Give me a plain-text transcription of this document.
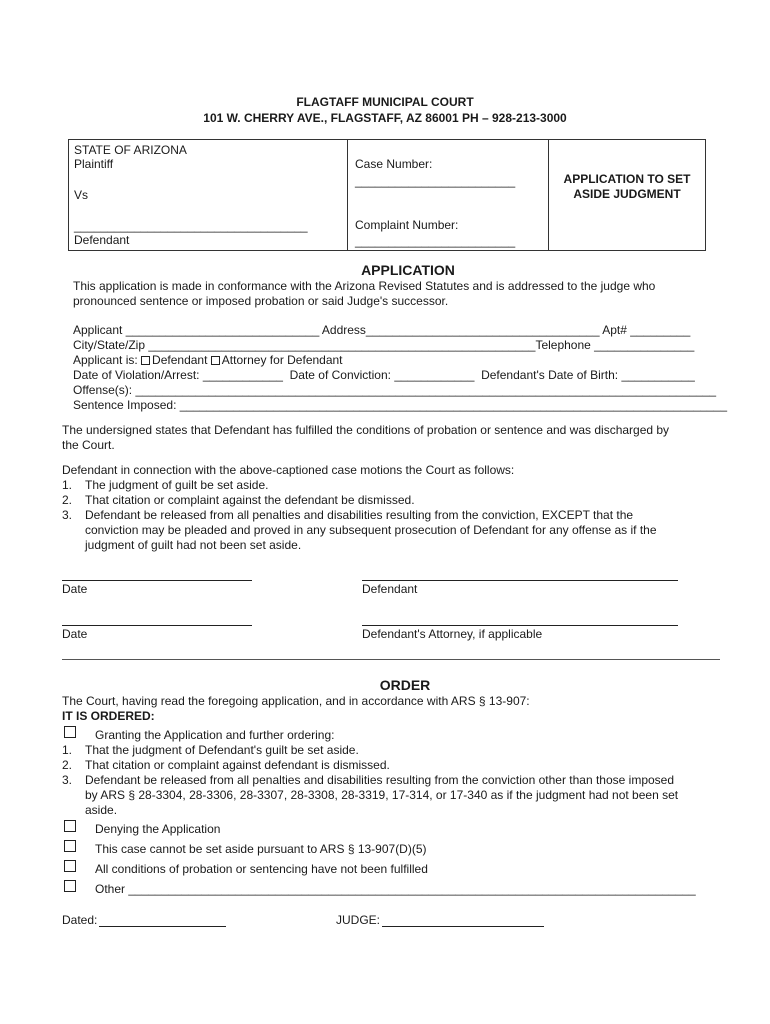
FLAGTAFF MUNICIPAL COURT
101 W. CHERRY AVE., FLAGSTAFF, AZ 86001 PH – 928-213-3000
STATE OF ARIZONA
Plaintiff
Vs
___________________________________
Defendant
Case Number:
________________________
Complaint Number:
________________________
APPLICATION TO SET
ASIDE JUDGMENT
APPLICATION
This application is made in conformance with the Arizona Revised Statutes and is addressed to the judge who
pronounced sentence or imposed probation or said Judge's successor.
Applicant _____________________________ Address___________________________________ Apt# _________
City/State/Zip __________________________________________________________Telephone _______________
Applicant is: Defendant Attorney for Defendant
Date of Violation/Arrest: ____________  Date of Conviction: ____________  Defendant's Date of Birth: ___________
Offense(s): _______________________________________________________________________________________
Sentence Imposed: __________________________________________________________________________________
The undersigned states that Defendant has fulfilled the conditions of probation or sentence and was discharged by
the Court.
Defendant in connection with the above-captioned case motions the Court as follows:
1. The judgment of guilt be set aside.
2. That citation or complaint against the defendant be dismissed.
3. Defendant be released from all penalties and disabilities resulting from the conviction, EXCEPT that the
conviction may be pleaded and proved in any subsequent prosecution of Defendant for any offense as if the
judgment of guilt had not been set aside.
Date	Defendant
Date	Defendant's Attorney, if applicable
ORDER
The Court, having read the foregoing application, and in accordance with ARS § 13-907:
IT IS ORDERED:
Granting the Application and further ordering:
1. That the judgment of Defendant's guilt be set aside.
2. That citation or complaint against defendant is dismissed.
3. Defendant be released from all penalties and disabilities resulting from the conviction other than those imposed
by ARS § 28-3304, 28-3306, 28-3307, 28-3308, 28-3319, 17-314, or 17-340 as if the judgment had not been set
aside.
Denying the Application
This case cannot be set aside pursuant to ARS § 13-907(D)(5)
All conditions of probation or sentencing have not been fulfilled
Other _____________________________________________________________________________________
Dated:	JUDGE:
